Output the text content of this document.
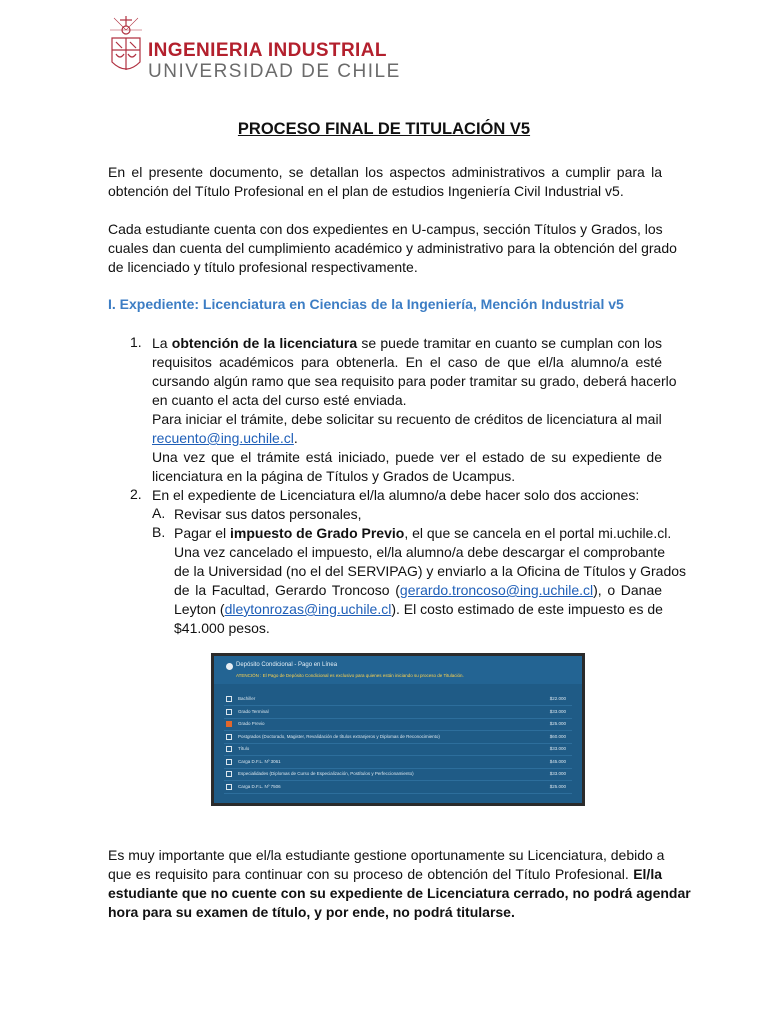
INGENIERIA INDUSTRIAL
UNIVERSIDAD DE CHILE
PROCESO FINAL DE TITULACIÓN V5
En el presente documento, se detallan los aspectos administrativos a cumplir para la
obtención del Título Profesional en el plan de estudios Ingeniería Civil Industrial v5.
Cada estudiante cuenta con dos expedientes en U-campus, sección Títulos y Grados, los
cuales dan cuenta del cumplimiento académico y administrativo para la obtención del grado
de licenciado y título profesional respectivamente.
I. Expediente: Licenciatura en Ciencias de la Ingeniería, Mención Industrial v5
1. La obtención de la licenciatura se puede tramitar en cuanto se cumplan con los
requisitos académicos para obtenerla. En el caso de que el/la alumno/a esté
cursando algún ramo que sea requisito para poder tramitar su grado, deberá hacerlo
en cuanto el acta del curso esté enviada.
Para iniciar el trámite, debe solicitar su recuento de créditos de licenciatura al mail
recuento@ing.uchile.cl.
Una vez que el trámite está iniciado, puede ver el estado de su expediente de
licenciatura en la página de Títulos y Grados de Ucampus.
2. En el expediente de Licenciatura el/la alumno/a debe hacer solo dos acciones:
A. Revisar sus datos personales,
B. Pagar el impuesto de Grado Previo, el que se cancela en el portal mi.uchile.cl.
Una vez cancelado el impuesto, el/la alumno/a debe descargar el comprobante
de la Universidad (no el del SERVIPAG) y enviarlo a la Oficina de Títulos y Grados
de la Facultad, Gerardo Troncoso (gerardo.troncoso@ing.uchile.cl), o Danae
Leyton (dleytonrozas@ing.uchile.cl). El costo estimado de este impuesto es de
$41.000 pesos.
Depósito Condicional - Pago en Línea
ATENCIÓN : El Pago de Depósito Condicional es exclusivo para quienes están iniciando su proceso de Titulación.
Bachiller	$22.000
Grado Terminal	$33.000
Grado Previo	$25.000
Postgrados (Doctorado, Magister, Revalidación de títulos extranjeros y Diplomas de Reconocimiento)	$60.000
Título	$33.000
Carga D.F.L. Nº 3061	$45.000
Especialidades (Diplomas de Curso de Especialización, Postítulos y Perfeccionamiento)	$33.000
Carga D.F.L. Nº 7506	$25.000
Es muy importante que el/la estudiante gestione oportunamente su Licenciatura, debido a
que es requisito para continuar con su proceso de obtención del Título Profesional. El/la
estudiante que no cuente con su expediente de Licenciatura cerrado, no podrá agendar
hora para su examen de título, y por ende, no podrá titularse.
